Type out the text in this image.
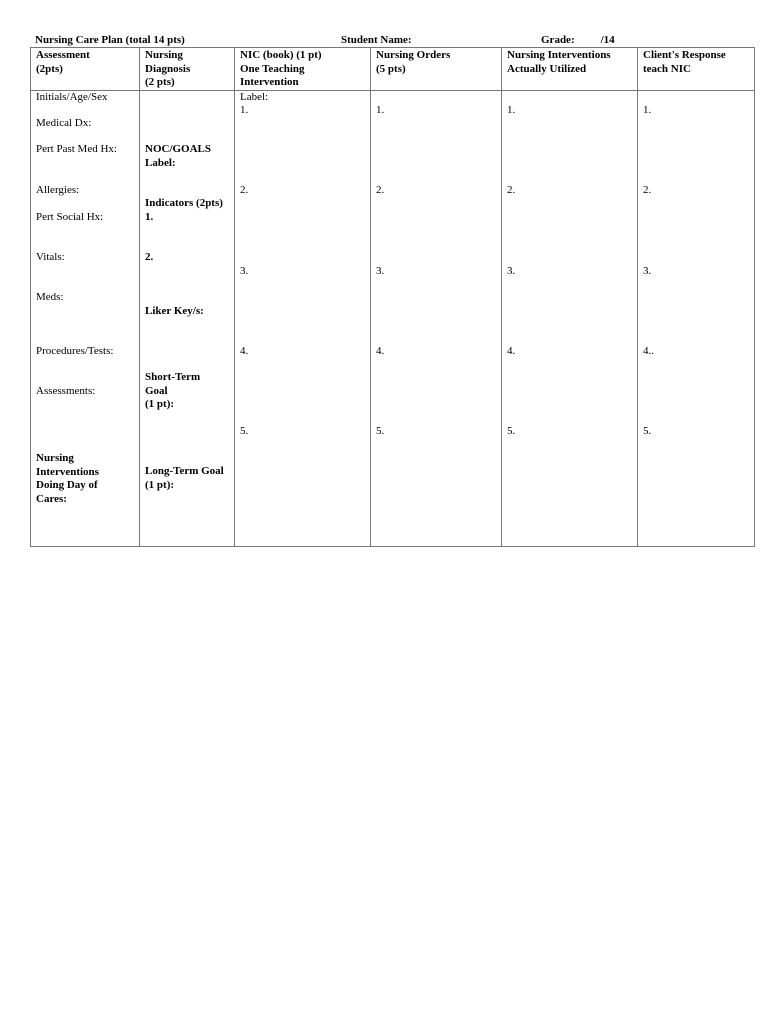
Nursing Care Plan (total 14 pts)	Student Name:	Grade: /14
Assessment
(2pts)
Nursing
Diagnosis
(2 pts)
NIC (book) (1 pt)
One Teaching
Intervention
Nursing Orders
(5 pts)
Nursing Interventions
Actually Utilized
Client's Response
teach NIC
Initials/Age/Sex
Medical Dx:
Pert Past Med Hx:
Allergies:
Pert Social Hx:
Vitals:
Meds:
Procedures/Tests:
Assessments:
Nursing
Interventions
Doing Day of
Cares:
NOC/GOALS
Label:
Indicators (2pts)
1.
2.
Liker Key/s:
Short-Term
Goal
(1 pt):
Long-Term Goal
(1 pt):
Label:
1.
2.
3.
4.
5.
1.
2.
3.
4.
5.
1.
2.
3.
4.
5.
1.
2.
3.
4..
5.
